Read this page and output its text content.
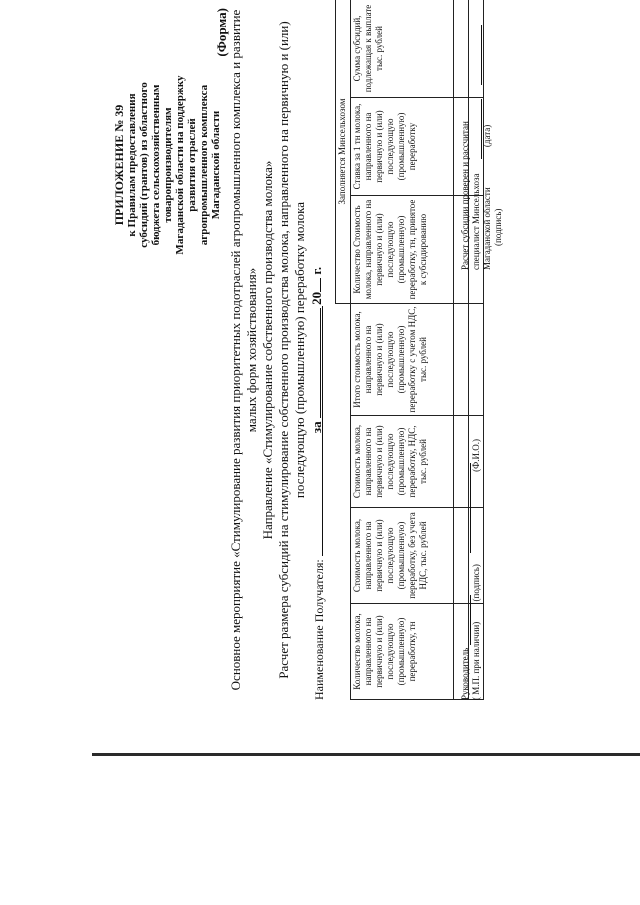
ПРИЛОЖЕНИЕ № 39 к Правилам предоставления субсидий (грантов) из областного бюджета сельскохозяйственным товаропроизводителям Магаданской области на поддержку развития отраслей агропромышленного комплекса Магаданской области
(Форма) Основное мероприятие «Стимулирование развития приоритетных подотраслей агропромышленного комплекса и развитие малых форм хозяйствования» Направление «Стимулирование собственного производства молока» Расчет размера субсидий на стимулирование собственного производства молока, направленного на первичную и (или) последующую (промышленную) переработку молока за  20 г.
Наименование Получателя:
				Заполняется Минсельхозом		
Количество молока, направленного на первичную и (или) последующую (промышленную) переработку, тн	Стоимость молока, направленного на первичную и (или) последующую (промышленную) переработку, без учета НДС, тыс. рублей	Стоимость молока, направленного на первичную и (или) последующую (промышленную) переработку, НДС, тыс. рублей	Итого стоимость молока, направленного на первичную и (или) последующую (промышленную) переработку с учетом НДС, тыс. рублей	Количество Стоимость молока, направленного на первичную и (или) последующую (промышленную) переработку, тн, принятое к субсидированию	Ставка за 1 тн молока, направленного на первичную и (или) последующую (промышленную) переработку	Сумма субсидий, подлежащая к выплате тыс. рублей

Руководитель ( М.П. при наличии) (подпись) (Ф.И.О.)
Расчет субсидии проверен и рассчитан специалист Минсельхоза Магаданской области (дата)
(подпись)
